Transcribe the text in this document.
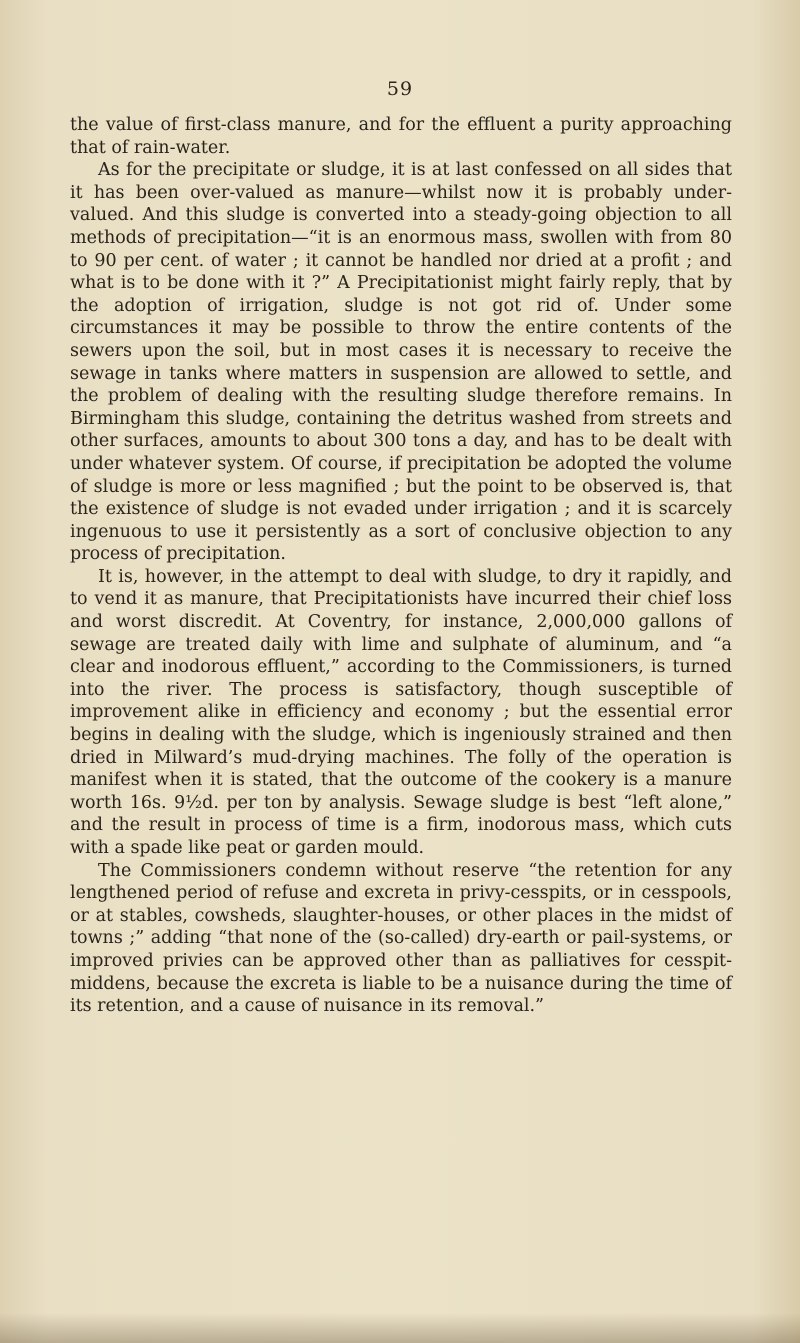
59

the value of first-class manure, and for the effluent a purity approaching that of rain-water.

As for the precipitate or sludge, it is at last confessed on all sides that it has been over-valued as manure—whilst now it is probably under-valued. And this sludge is converted into a steady-going objection to all methods of precipitation—“it is an enormous mass, swollen with from 80 to 90 per cent. of water ; it cannot be handled nor dried at a profit ; and what is to be done with it ?” A Precipitationist might fairly reply, that by the adoption of irrigation, sludge is not got rid of. Under some circumstances it may be possible to throw the entire contents of the sewers upon the soil, but in most cases it is necessary to receive the sewage in tanks where matters in suspension are allowed to settle, and the problem of dealing with the resulting sludge therefore remains. In Birmingham this sludge, containing the detritus washed from streets and other surfaces, amounts to about 300 tons a day, and has to be dealt with under whatever system. Of course, if precipitation be adopted the volume of sludge is more or less magnified ; but the point to be observed is, that the existence of sludge is not evaded under irrigation ; and it is scarcely ingenuous to use it persistently as a sort of conclusive objection to any process of precipitation.

It is, however, in the attempt to deal with sludge, to dry it rapidly, and to vend it as manure, that Precipitationists have incurred their chief loss and worst discredit. At Coventry, for instance, 2,000,000 gallons of sewage are treated daily with lime and sulphate of aluminum, and “a clear and inodorous effluent,” according to the Commissioners, is turned into the river. The process is satisfactory, though susceptible of improvement alike in efficiency and economy ; but the essential error begins in dealing with the sludge, which is ingeniously strained and then dried in Milward’s mud-drying machines. The folly of the operation is manifest when it is stated, that the outcome of the cookery is a manure worth 16s. 9½d. per ton by analysis. Sewage sludge is best “left alone,” and the result in process of time is a firm, inodorous mass, which cuts with a spade like peat or garden mould.

The Commissioners condemn without reserve “the retention for any lengthened period of refuse and excreta in privy-cesspits, or in cesspools, or at stables, cowsheds, slaughter-houses, or other places in the midst of towns ;” adding “that none of the (so-called) dry-earth or pail-systems, or improved privies can be approved other than as palliatives for cesspit-middens, because the excreta is liable to be a nuisance during the time of its retention, and a cause of nuisance in its removal.”
